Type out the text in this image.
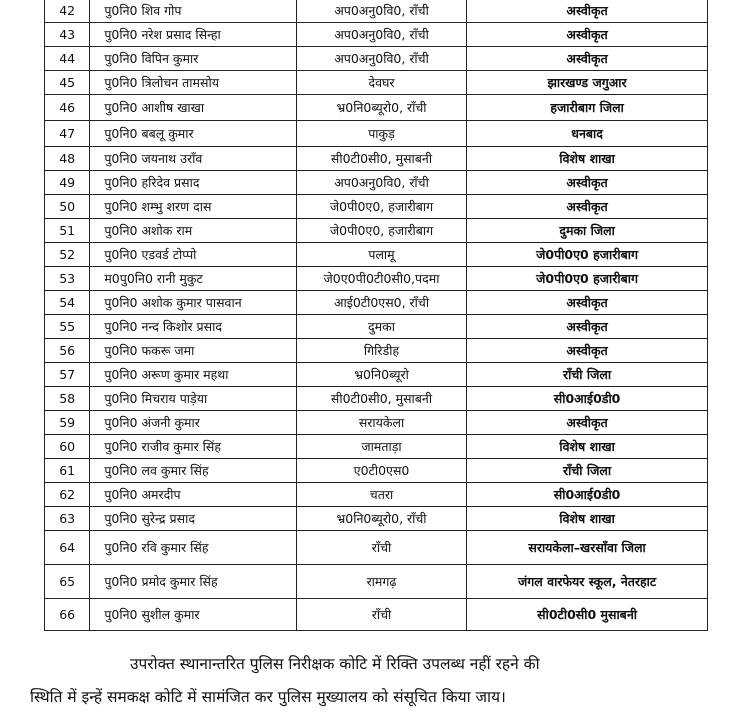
42	पु0नि0 शिव गोप	अप0अनु0वि0, राँची	अस्वीकृत
43	पु0नि0 नरेश प्रसाद सिन्हा	अप0अनु0वि0, राँची	अस्वीकृत
44	पु0नि0 विपिन कुमार	अप0अनु0वि0, राँची	अस्वीकृत
45	पु0नि0 त्रिलोचन तामसोय	देवघर	झारखण्ड जगुआर
46	पु0नि0 आशीष खाखा	भ्र0नि0ब्यूरो0, राँची	हजारीबाग जिला
47	पु0नि0 बबलू कुमार	पाकुड़	धनबाद
48	पु0नि0 जयनाथ उराँव	सी0टी0सी0, मुसाबनी	विशेष शाखा
49	पु0नि0 हरिदेव प्रसाद	अप0अनु0वि0, राँची	अस्वीकृत
50	पु0नि0 शम्भु शरण दास	जे0पी0ए0, हजारीबाग	अस्वीकृत
51	पु0नि0 अशोक राम	जे0पी0ए0, हजारीबाग	दुमका जिला
52	पु0नि0 एडवर्ड टोप्पो	पलामू	जे0पी0ए0 हजारीबाग
53	म0पु0नि0 रानी मुकुट	जे0ए0पी0टी0सी0,पदमा	जे0पी0ए0 हजारीबाग
54	पु0नि0 अशोक कुमार पासवान	आई0टी0एस0, राँची	अस्वीकृत
55	पु0नि0 नन्द किशोर प्रसाद	दुमका	अस्वीकृत
56	पु0नि0 फकरू जमा	गिरिडीह	अस्वीकृत
57	पु0नि0 अरूण कुमार महथा	भ्र0नि0ब्यूरो	राँची जिला
58	पु0नि0 मिचराय पाड़ेया	सी0टी0सी0, मुसाबनी	सी0आई0डी0
59	पु0नि0 अंजनी कुमार	सरायकेला	अस्वीकृत
60	पु0नि0 राजीव कुमार सिंह	जामताड़ा	विशेष शाखा
61	पु0नि0 लव कुमार सिंह	ए0टी0एस0	राँची जिला
62	पु0नि0 अमरदीप	चतरा	सी0आई0डी0
63	पु0नि0 सुरेन्द्र प्रसाद	भ्र0नि0ब्यूरो0, राँची	विशेष शाखा
64	पु0नि0 रवि कुमार सिंह	राँची	सरायकेला–खरसाँवा जिला
65	पु0नि0 प्रमोद कुमार सिंह	रामगढ़	जंगल वारफेयर स्कूल, नेतरहाट
66	पु0नि0 सुशील कुमार	राँची	सी0टी0सी0 मुसाबनी
उपरोक्त स्थानान्तरित पुलिस निरीक्षक कोटि में रिक्ति उपलब्ध नहीं रहने की
स्थिति में इन्हें समकक्ष कोटि में सामंजित कर पुलिस मुख्यालय को संसूचित किया जाय।
